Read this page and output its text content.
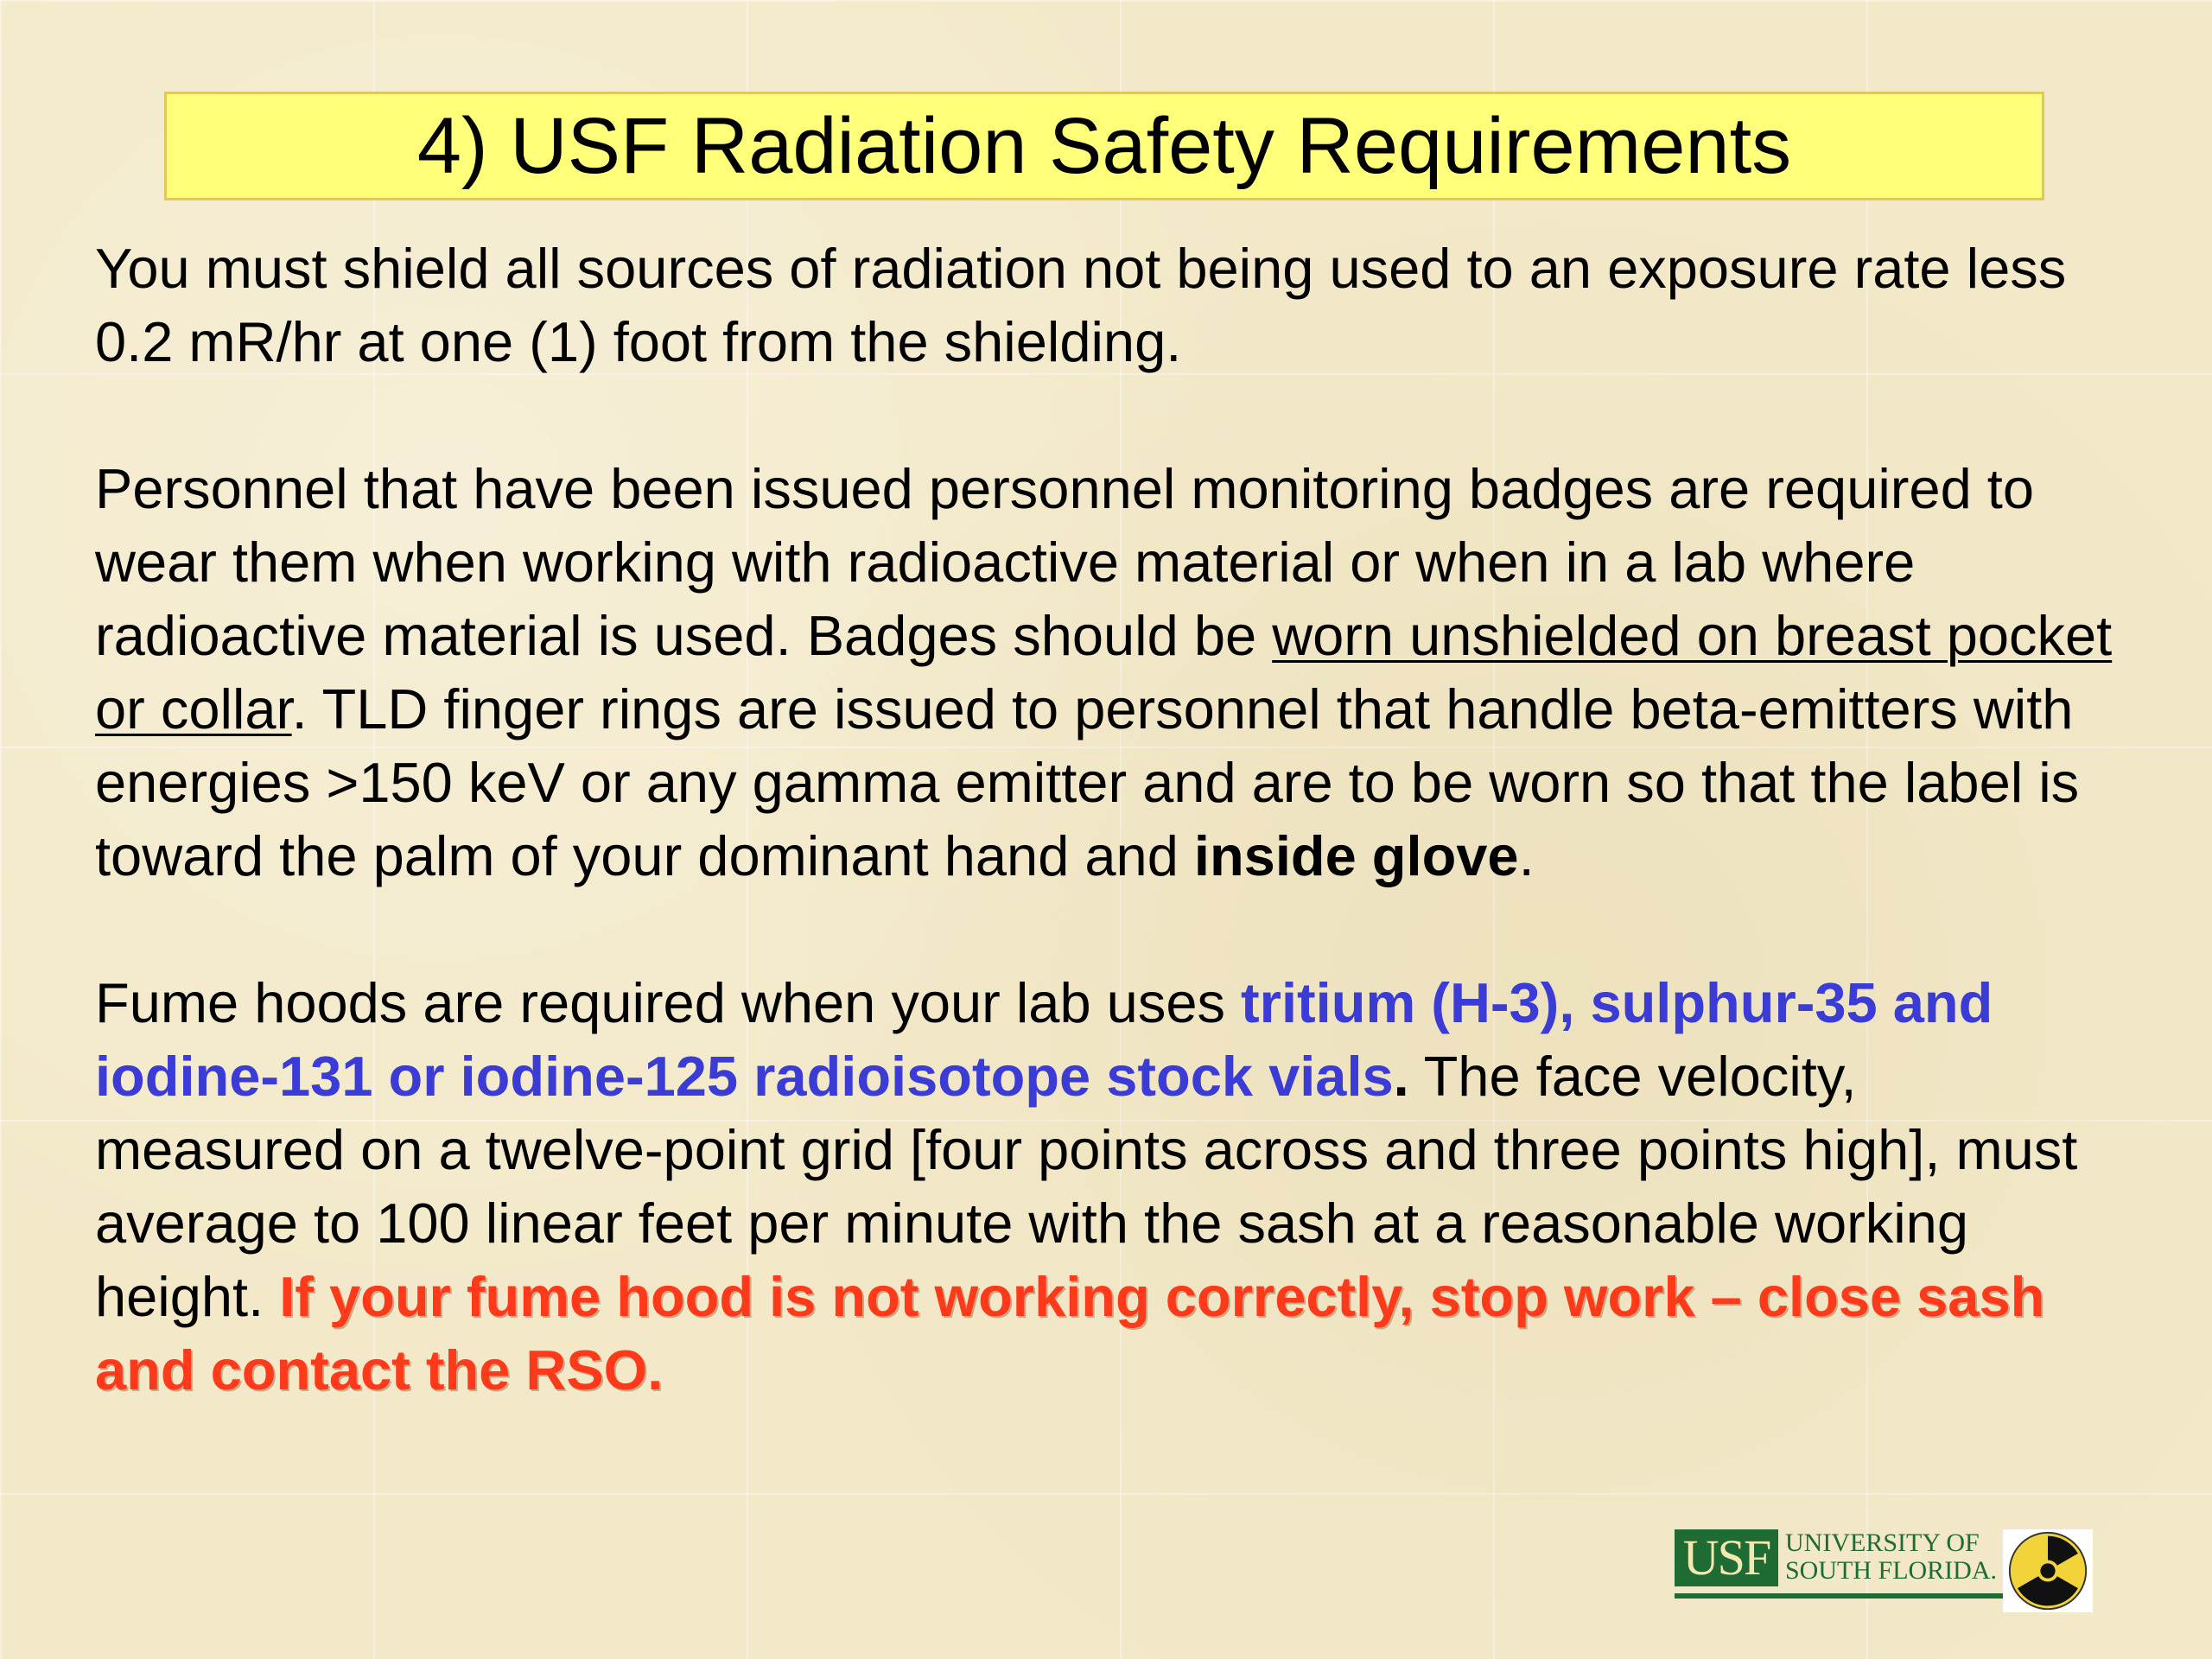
4) USF Radiation Safety Requirements

You must shield all sources of radiation not being used to an exposure rate less 0.2 mR/hr at one (1) foot from the shielding.

Personnel that have been issued personnel monitoring badges are required to wear them when working with radioactive material or when in a lab where radioactive material is used. Badges should be worn unshielded on breast pocket or collar. TLD finger rings are issued to personnel that handle beta-emitters with energies >150 keV or any gamma emitter and are to be worn so that the label is toward the palm of your dominant hand and inside glove.

Fume hoods are required when your lab uses tritium (H-3), sulphur-35 and iodine-131 or iodine-125 radioisotope stock vials. The face velocity, measured on a twelve-point grid [four points across and three points high], must average to 100 linear feet per minute with the sash at a reasonable working height. If your fume hood is not working correctly, stop work – close sash and contact the RSO.

USF UNIVERSITY OF
SOUTH FLORIDA.
